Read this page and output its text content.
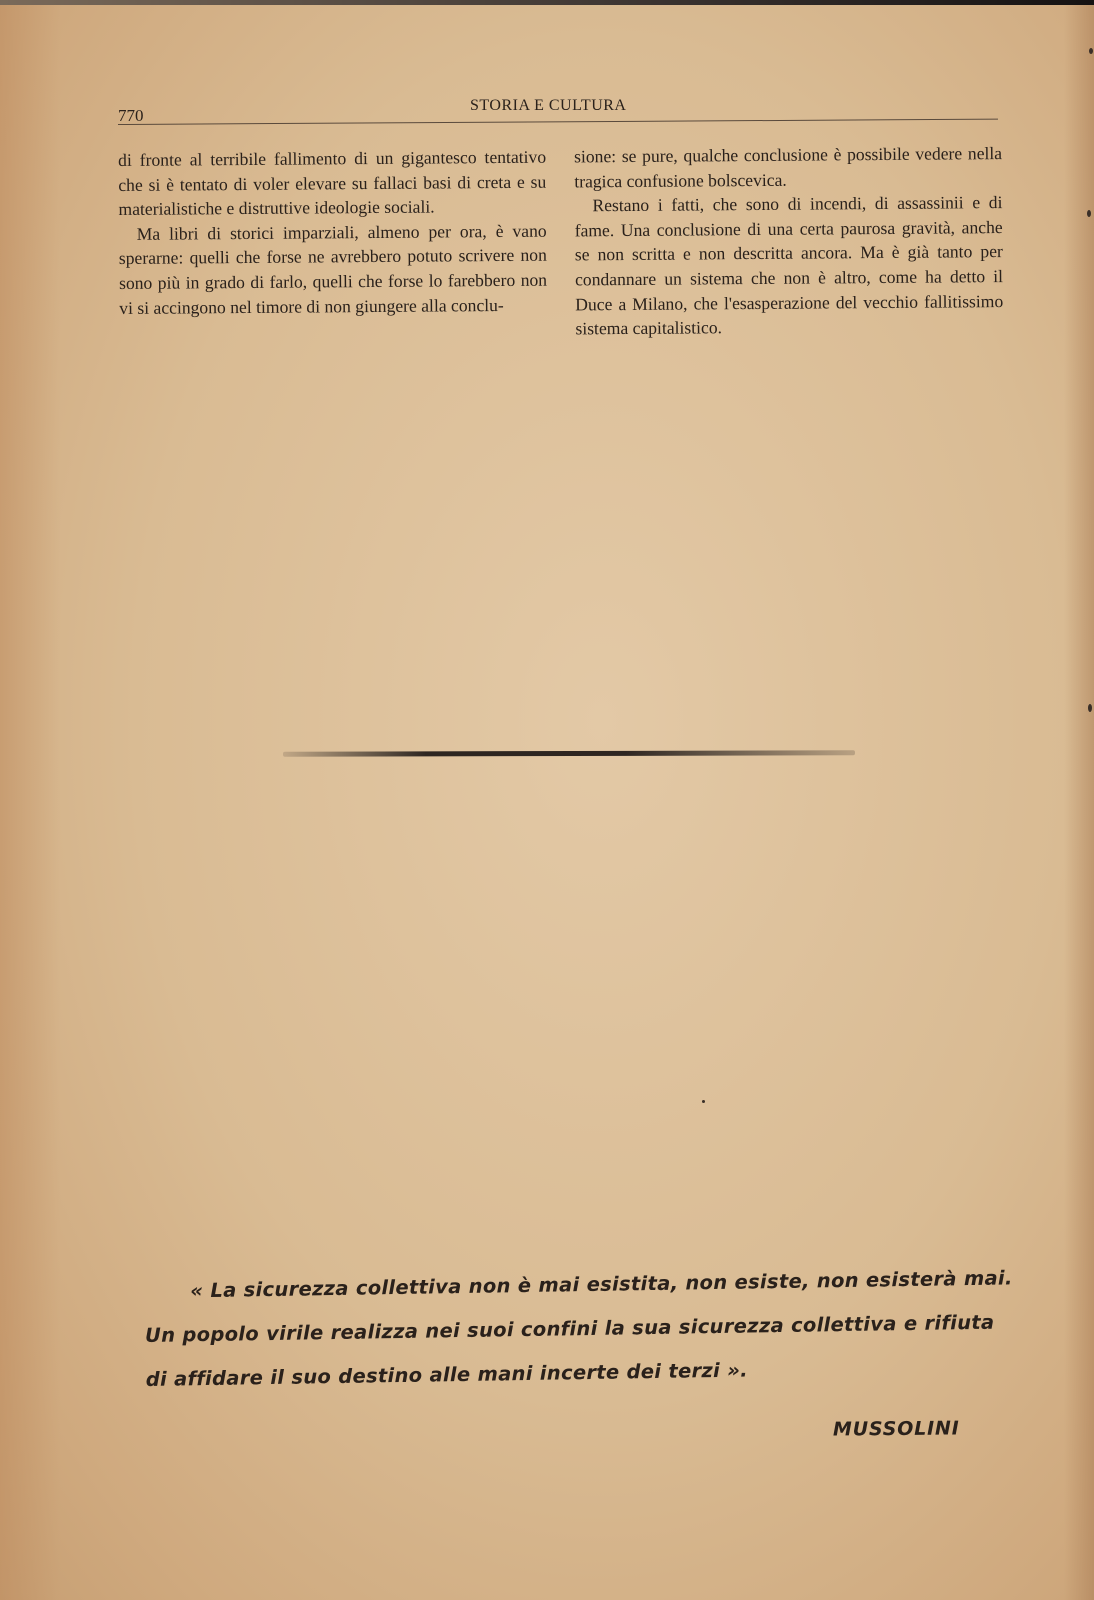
770
STORIA E CULTURA

di fronte al terribile fallimento di un gigantesco tentativo che si è tentato di voler elevare su fallaci basi di creta e su materialistiche e distruttive ideologie sociali.

Ma libri di storici imparziali, almeno per ora, è vano sperarne: quelli che forse ne avrebbero potuto scrivere non sono più in grado di farlo, quelli che forse lo farebbero non vi si accingono nel timore di non giungere alla conclu-

sione: se pure, qualche conclusione è possibile vedere nella tragica confusione bolscevica.

Restano i fatti, che sono di incendi, di assassinii e di fame. Una conclusione di una certa paurosa gravità, anche se non scritta e non descritta ancora. Ma è già tanto per condannare un sistema che non è altro, come ha detto il Duce a Milano, che l'esasperazione del vecchio fallitissimo sistema capitalistico.

« La sicurezza collettiva non è mai esistita, non esiste, non esisterà mai. Un popolo virile realizza nei suoi confini la sua sicurezza collettiva e rifiuta di affidare il suo destino alle mani incerte dei terzi ».

MUSSOLINI
